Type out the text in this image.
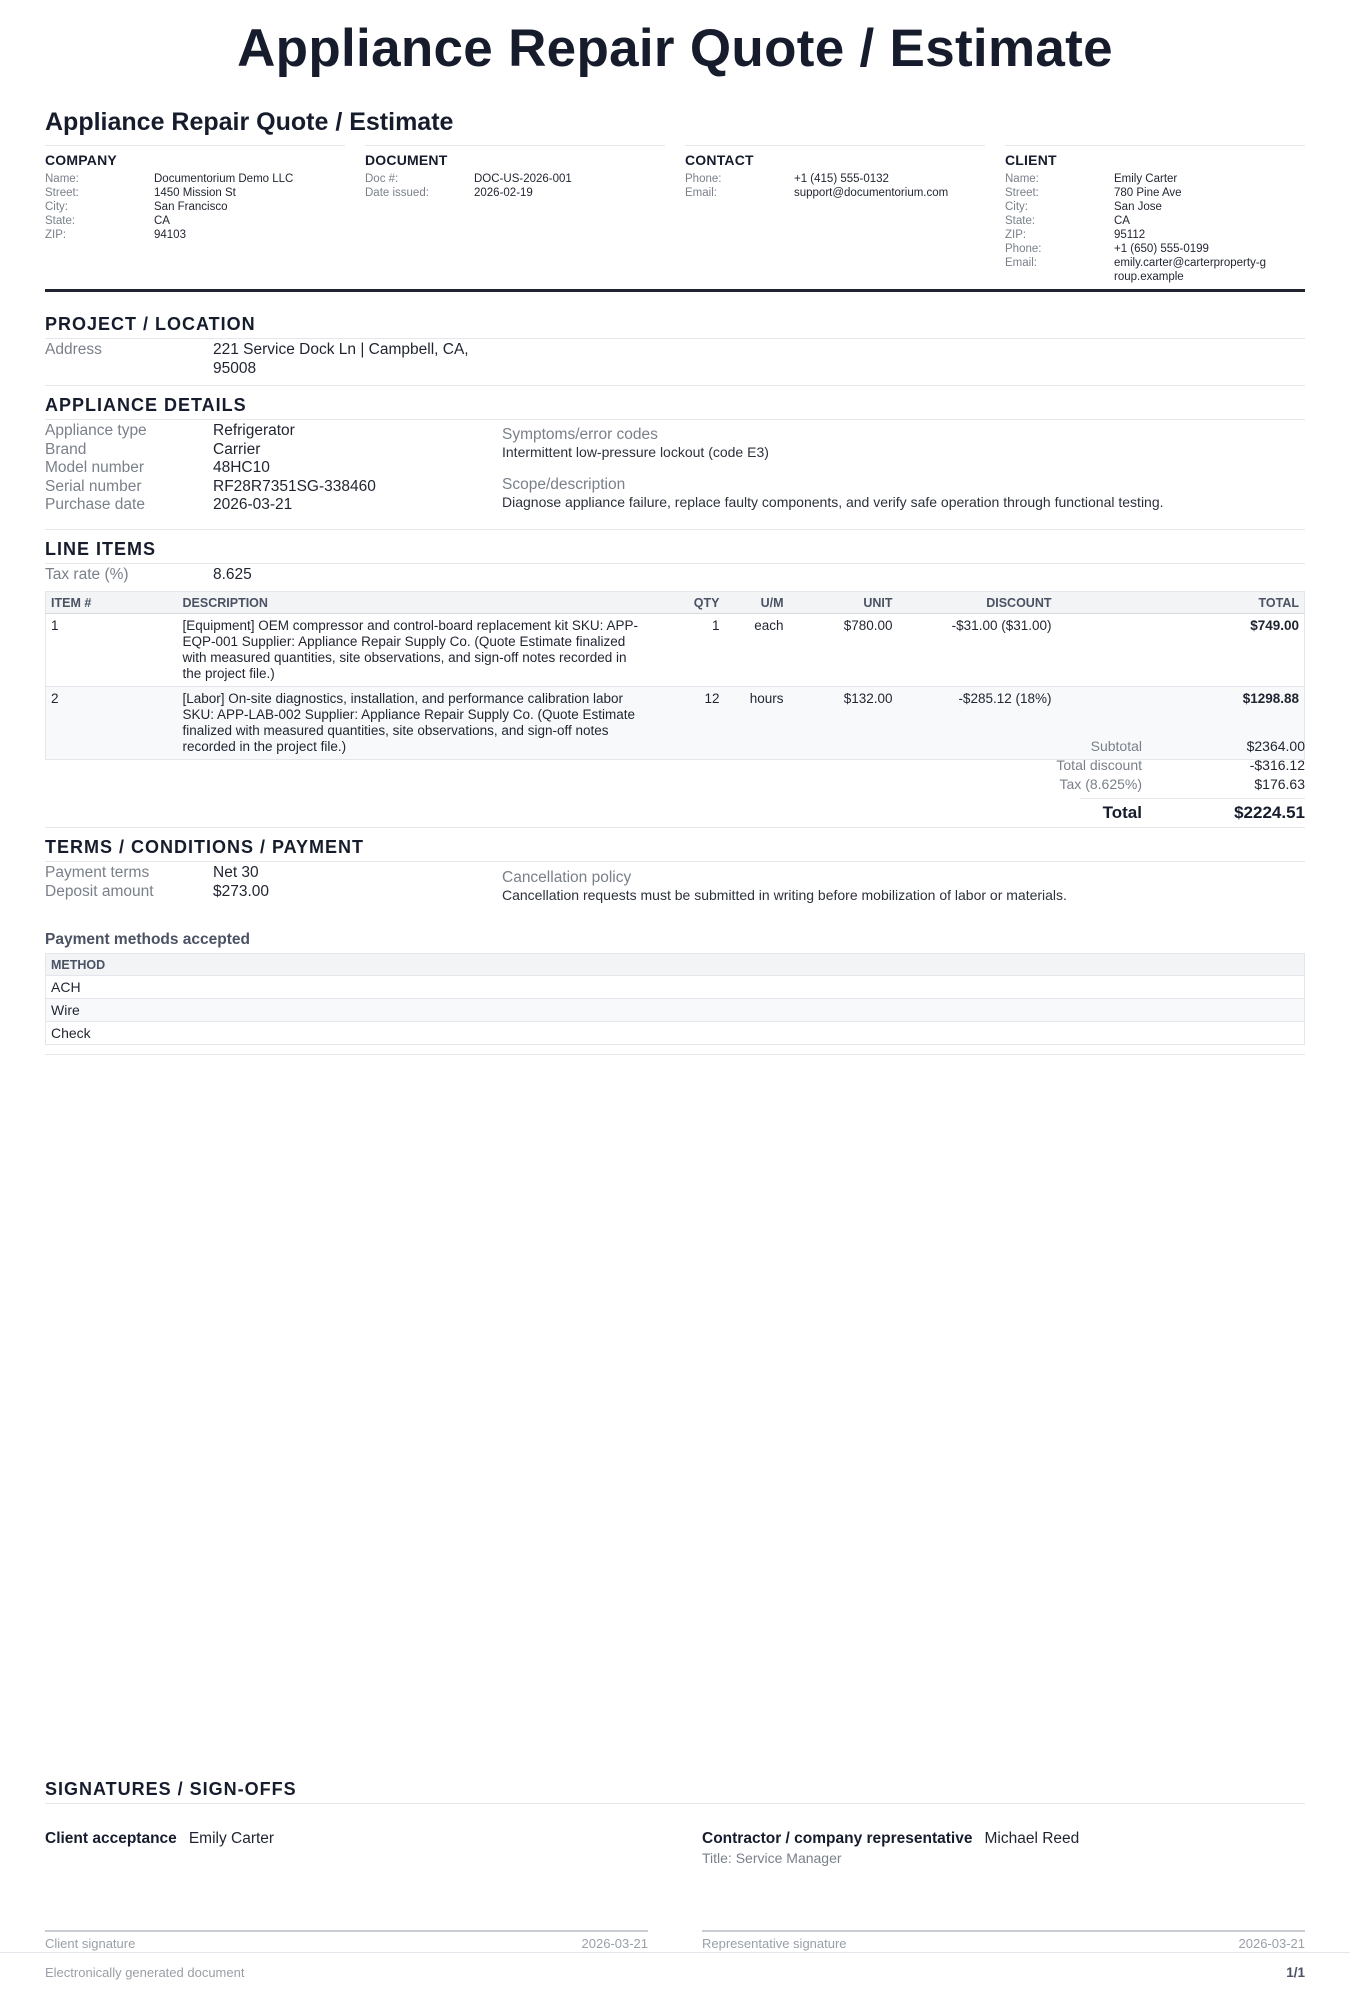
Appliance Repair Quote / Estimate
Appliance Repair Quote / Estimate
COMPANY
Name:	Documentorium Demo LLC
Street:	1450 Mission St
City:	San Francisco
State:	CA
ZIP:	94103
DOCUMENT
Doc #:	DOC-US-2026-001
Date issued:	2026-02-19
CONTACT
Phone:	+1 (415) 555-0132
Email:	support@documentorium.com
CLIENT
Name:	Emily Carter
Street:	780 Pine Ave
City:	San Jose
State:	CA
ZIP:	95112
Phone:	+1 (650) 555-0199
Email:	emily.carter@carterproperty-group.example
PROJECT / LOCATION
Address	221 Service Dock Ln | Campbell, CA,
95008
APPLIANCE DETAILS
Appliance type	Refrigerator
Brand	Carrier
Model number	48HC10
Serial number	RF28R7351SG-338460
Purchase date	2026-03-21
Symptoms/error codes
Intermittent low-pressure lockout (code E3)
Scope/description
Diagnose appliance failure, replace faulty components, and verify safe operation through functional testing.
LINE ITEMS
Tax rate (%)	8.625
ITEM #	DESCRIPTION	QTY	U/M	UNIT	DISCOUNT	TOTAL
1	[Equipment] OEM compressor and control-board replacement kit SKU: APP-EQP-001 Supplier: Appliance Repair Supply Co. (Quote Estimate finalized with measured quantities, site observations, and sign-off notes recorded in the project file.)	1	each	$780.00	-$31.00 ($31.00)	$749.00
2	[Labor] On-site diagnostics, installation, and performance calibration labor SKU: APP-LAB-002 Supplier: Appliance Repair Supply Co. (Quote Estimate finalized with measured quantities, site observations, and sign-off notes recorded in the project file.)	12	hours	$132.00	-$285.12 (18%)	$1298.88
Subtotal	$2364.00
Total discount	-$316.12
Tax (8.625%)	$176.63
Total	$2224.51
TERMS / CONDITIONS / PAYMENT
Payment terms	Net 30
Deposit amount	$273.00
Cancellation policy
Cancellation requests must be submitted in writing before mobilization of labor or materials.
Payment methods accepted
METHOD
ACH
Wire
Check
SIGNATURES / SIGN-OFFS
Client acceptance Emily Carter	Contractor / company representative Michael Reed
Title: Service Manager
Client signature	2026-03-21	Representative signature	2026-03-21
Electronically generated document	1/1
